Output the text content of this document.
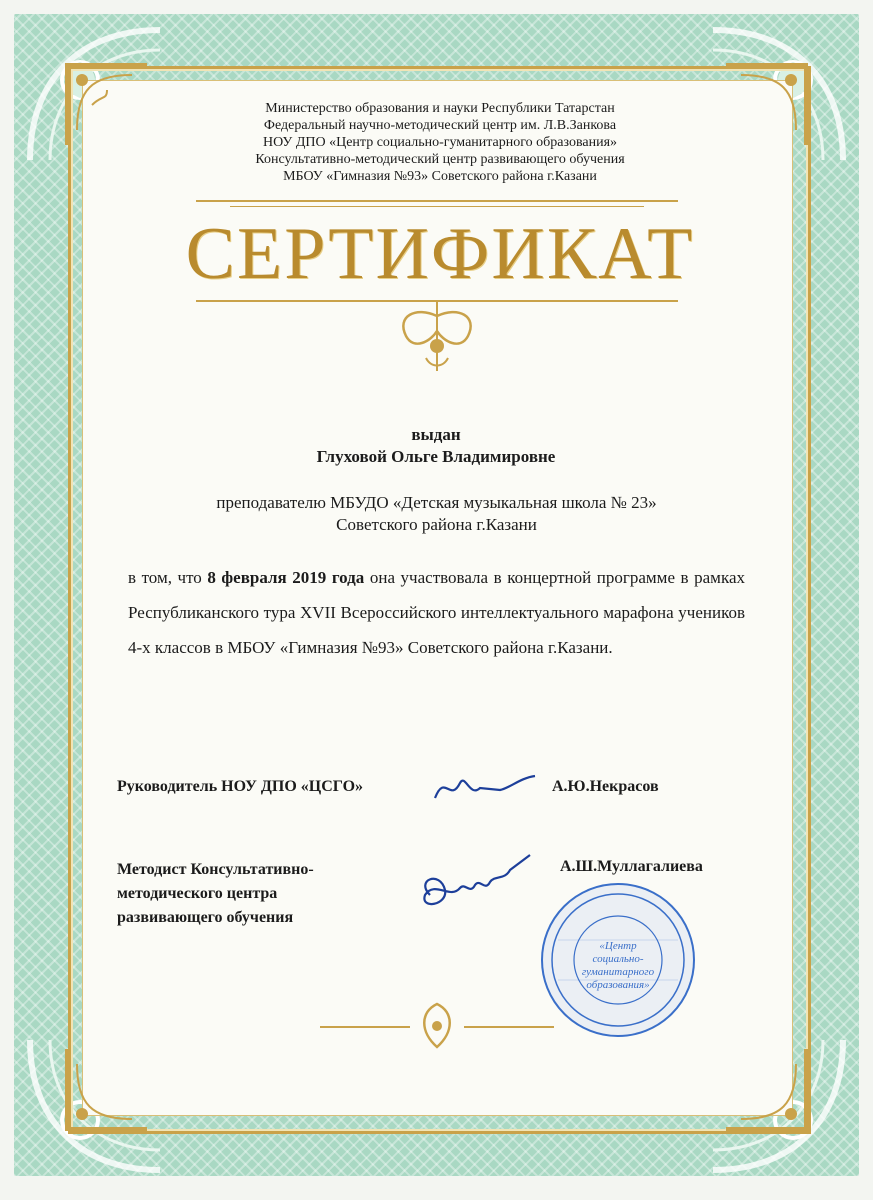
Министерство образования и науки Республики Татарстан
Федеральный научно-методический центр им. Л.В.Занкова
НОУ ДПО «Центр социально-гуманитарного образования»
Консультативно-методический центр развивающего обучения
МБОУ «Гимназия №93» Советского района г.Казани
СЕРТИФИКАТ
выдан
Глуховой Ольге Владимировне
преподавателю МБУДО «Детская музыкальная школа № 23»
Советского района г.Казани
в том, что 8 февраля 2019 года она участвовала в концертной программе в рамках Республиканского тура XVII Всероссийского интеллектуального марафона учеников 4-х классов в МБОУ «Гимназия №93» Советского района г.Казани.
Руководитель НОУ ДПО «ЦСГО»	А.Ю.Некрасов
Методист Консультативно-
методического центра
развивающего обучения
А.Ш.Муллагалиева
«Центр социально-гуманитарного образования»
